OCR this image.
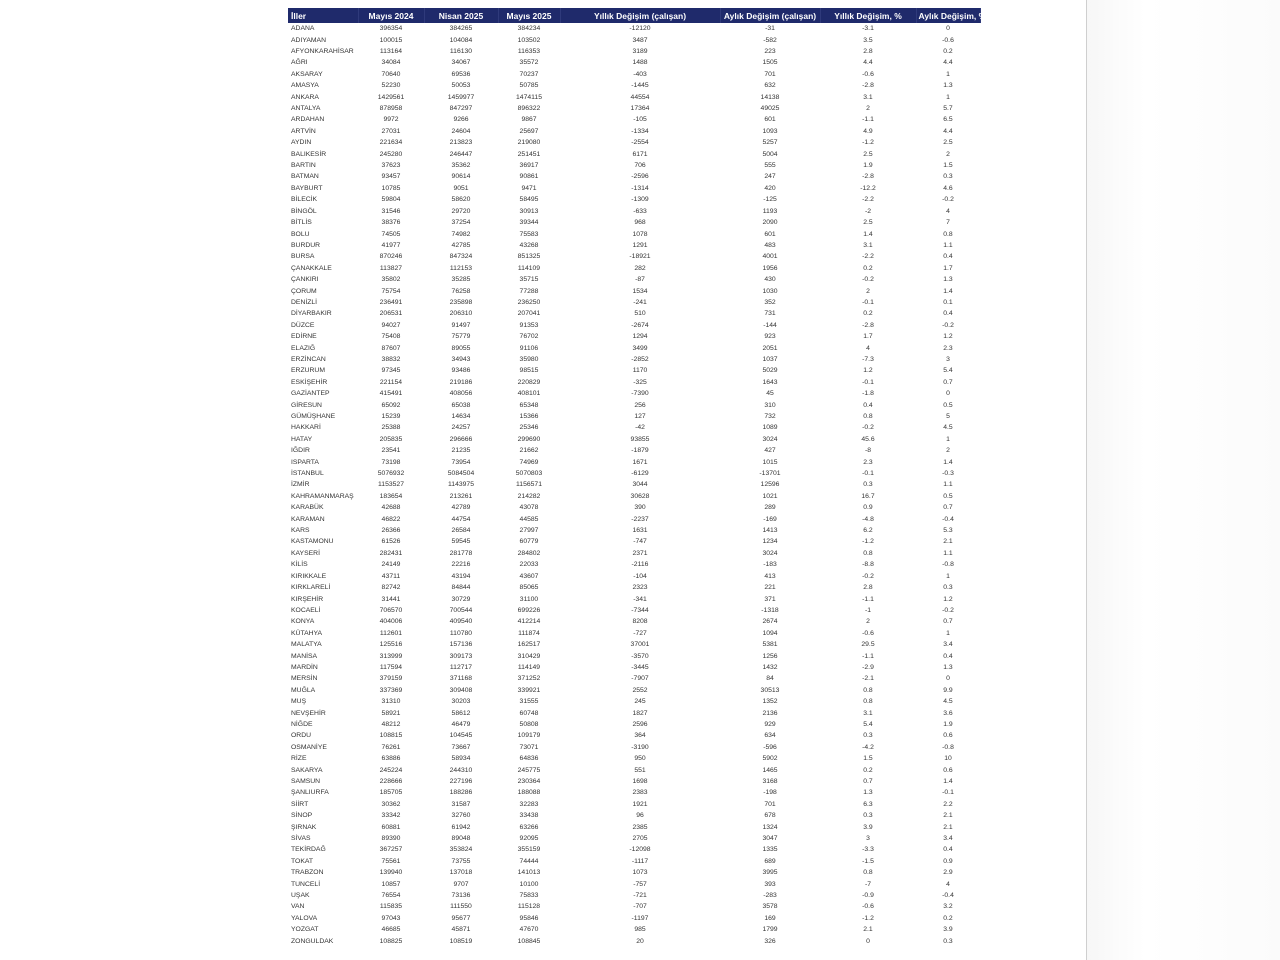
İller	Mayıs 2024	Nisan 2025	Mayıs 2025	Yıllık Değişim (çalışan)	Aylık Değişim (çalışan)	Yıllık Değişim, %	Aylık Değişim, %
ADANA	396354	384265	384234	-12120	-31	-3.1	0
ADIYAMAN	100015	104084	103502	3487	-582	3.5	-0.6
AFYONKARAHİSAR	113164	116130	116353	3189	223	2.8	0.2
AĞRI	34084	34067	35572	1488	1505	4.4	4.4
AKSARAY	70640	69536	70237	-403	701	-0.6	1
AMASYA	52230	50053	50785	-1445	632	-2.8	1.3
ANKARA	1429561	1459977	1474115	44554	14138	3.1	1
ANTALYA	878958	847297	896322	17364	49025	2	5.7
ARDAHAN	9972	9266	9867	-105	601	-1.1	6.5
ARTVİN	27031	24604	25697	-1334	1093	4.9	4.4
AYDIN	221634	213823	219080	-2554	5257	-1.2	2.5
BALIKESİR	245280	246447	251451	6171	5004	2.5	2
BARTIN	37623	35362	36917	706	555	1.9	1.5
BATMAN	93457	90614	90861	-2596	247	-2.8	0.3
BAYBURT	10785	9051	9471	-1314	420	-12.2	4.6
BİLECİK	59804	58620	58495	-1309	-125	-2.2	-0.2
BİNGÖL	31546	29720	30913	-633	1193	-2	4
BİTLİS	38376	37254	39344	968	2090	2.5	7
BOLU	74505	74982	75583	1078	601	1.4	0.8
BURDUR	41977	42785	43268	1291	483	3.1	1.1
BURSA	870246	847324	851325	-18921	4001	-2.2	0.4
ÇANAKKALE	113827	112153	114109	282	1956	0.2	1.7
ÇANKIRI	35802	35285	35715	-87	430	-0.2	1.3
ÇORUM	75754	76258	77288	1534	1030	2	1.4
DENİZLİ	236491	235898	236250	-241	352	-0.1	0.1
DİYARBAKIR	206531	206310	207041	510	731	0.2	0.4
DÜZCE	94027	91497	91353	-2674	-144	-2.8	-0.2
EDİRNE	75408	75779	76702	1294	923	1.7	1.2
ELAZIĞ	87607	89055	91106	3499	2051	4	2.3
ERZİNCAN	38832	34943	35980	-2852	1037	-7.3	3
ERZURUM	97345	93486	98515	1170	5029	1.2	5.4
ESKİŞEHİR	221154	219186	220829	-325	1643	-0.1	0.7
GAZİANTEP	415491	408056	408101	-7390	45	-1.8	0
GİRESUN	65092	65038	65348	256	310	0.4	0.5
GÜMÜŞHANE	15239	14634	15366	127	732	0.8	5
HAKKARİ	25388	24257	25346	-42	1089	-0.2	4.5
HATAY	205835	296666	299690	93855	3024	45.6	1
IĞDIR	23541	21235	21662	-1879	427	-8	2
ISPARTA	73198	73954	74969	1671	1015	2.3	1.4
İSTANBUL	5076932	5084504	5070803	-6129	-13701	-0.1	-0.3
İZMİR	1153527	1143975	1156571	3044	12596	0.3	1.1
KAHRAMANMARAŞ	183654	213261	214282	30628	1021	16.7	0.5
KARABÜK	42688	42789	43078	390	289	0.9	0.7
KARAMAN	46822	44754	44585	-2237	-169	-4.8	-0.4
KARS	26366	26584	27997	1631	1413	6.2	5.3
KASTAMONU	61526	59545	60779	-747	1234	-1.2	2.1
KAYSERİ	282431	281778	284802	2371	3024	0.8	1.1
KİLİS	24149	22216	22033	-2116	-183	-8.8	-0.8
KIRIKKALE	43711	43194	43607	-104	413	-0.2	1
KIRKLARELİ	82742	84844	85065	2323	221	2.8	0.3
KIRŞEHİR	31441	30729	31100	-341	371	-1.1	1.2
KOCAELİ	706570	700544	699226	-7344	-1318	-1	-0.2
KONYA	404006	409540	412214	8208	2674	2	0.7
KÜTAHYA	112601	110780	111874	-727	1094	-0.6	1
MALATYA	125516	157136	162517	37001	5381	29.5	3.4
MANİSA	313999	309173	310429	-3570	1256	-1.1	0.4
MARDİN	117594	112717	114149	-3445	1432	-2.9	1.3
MERSİN	379159	371168	371252	-7907	84	-2.1	0
MUĞLA	337369	309408	339921	2552	30513	0.8	9.9
MUŞ	31310	30203	31555	245	1352	0.8	4.5
NEVŞEHİR	58921	58612	60748	1827	2136	3.1	3.6
NİĞDE	48212	46479	50808	2596	929	5.4	1.9
ORDU	108815	104545	109179	364	634	0.3	0.6
OSMANİYE	76261	73667	73071	-3190	-596	-4.2	-0.8
RİZE	63886	58934	64836	950	5902	1.5	10
SAKARYA	245224	244310	245775	551	1465	0.2	0.6
SAMSUN	228666	227196	230364	1698	3168	0.7	1.4
ŞANLIURFA	185705	188286	188088	2383	-198	1.3	-0.1
SİİRT	30362	31587	32283	1921	701	6.3	2.2
SİNOP	33342	32760	33438	96	678	0.3	2.1
ŞIRNAK	60881	61942	63266	2385	1324	3.9	2.1
SİVAS	89390	89048	92095	2705	3047	3	3.4
TEKİRDAĞ	367257	353824	355159	-12098	1335	-3.3	0.4
TOKAT	75561	73755	74444	-1117	689	-1.5	0.9
TRABZON	139940	137018	141013	1073	3995	0.8	2.9
TUNCELİ	10857	9707	10100	-757	393	-7	4
UŞAK	76554	73136	75833	-721	-283	-0.9	-0.4
VAN	115835	111550	115128	-707	3578	-0.6	3.2
YALOVA	97043	95677	95846	-1197	169	-1.2	0.2
YOZGAT	46685	45871	47670	985	1799	2.1	3.9
ZONGULDAK	108825	108519	108845	20	326	0	0.3
